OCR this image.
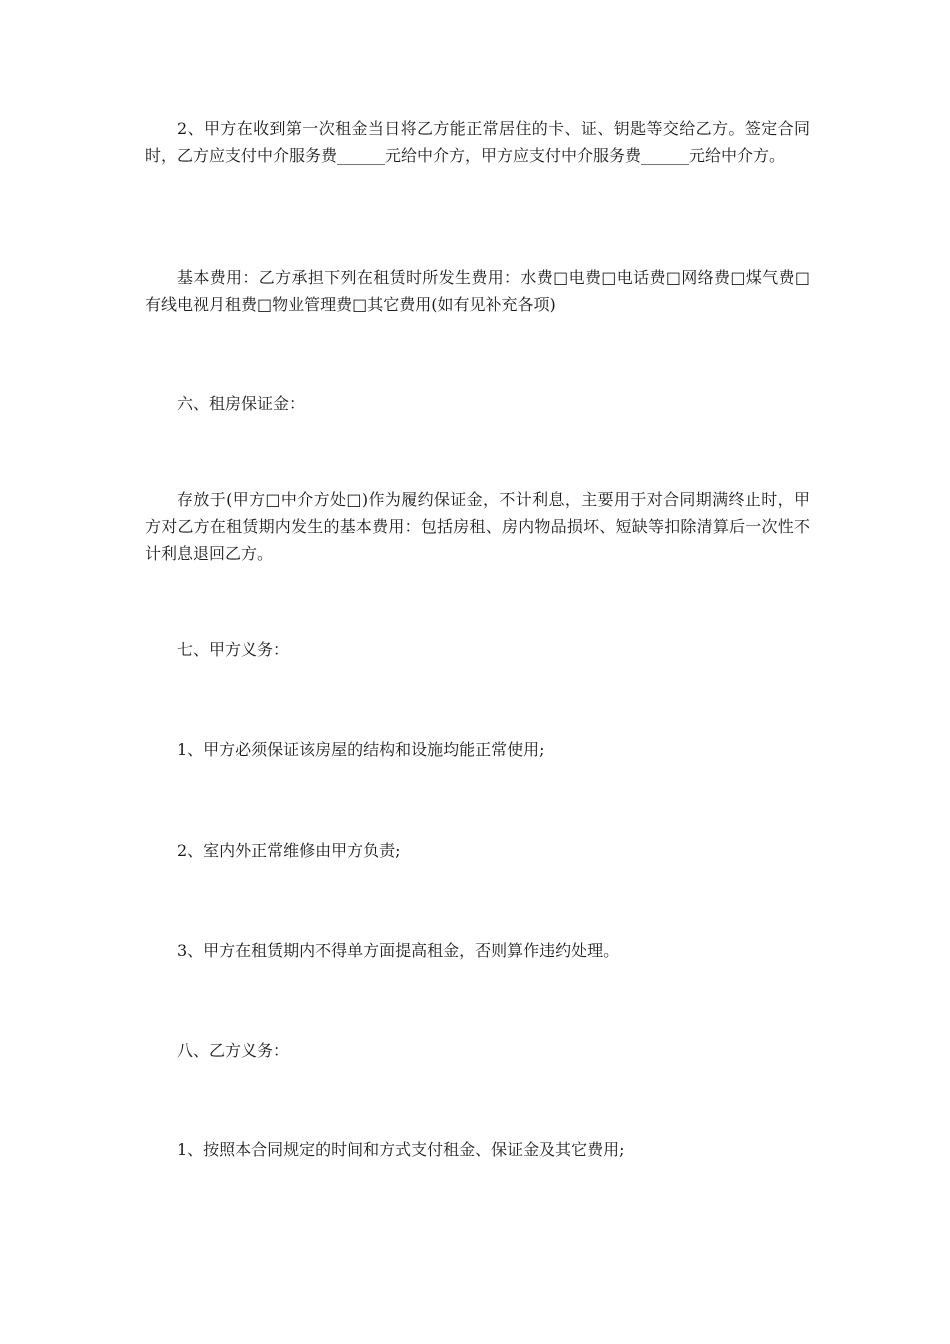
2、甲方在收到第一次租金当日将乙方能正常居住的卡、证、钥匙等交给乙方。签定合同时，乙方应支付中介服务费______元给中介方，甲方应支付中介服务费______元给中介方。

基本费用：乙方承担下列在租赁时所发生费用：水费□电费□电话费□网络费□煤气费□有线电视月租费□物业管理费□其它费用(如有见补充各项)

六、租房保证金：

存放于(甲方□中介方处□)作为履约保证金，不计利息，主要用于对合同期满终止时，甲方对乙方在租赁期内发生的基本费用：包括房租、房内物品损坏、短缺等扣除清算后一次性不计利息退回乙方。

七、甲方义务：

1、甲方必须保证该房屋的结构和设施均能正常使用;

2、室内外正常维修由甲方负责;

3、甲方在租赁期内不得单方面提高租金，否则算作违约处理。

八、乙方义务：

1、按照本合同规定的时间和方式支付租金、保证金及其它费用;
